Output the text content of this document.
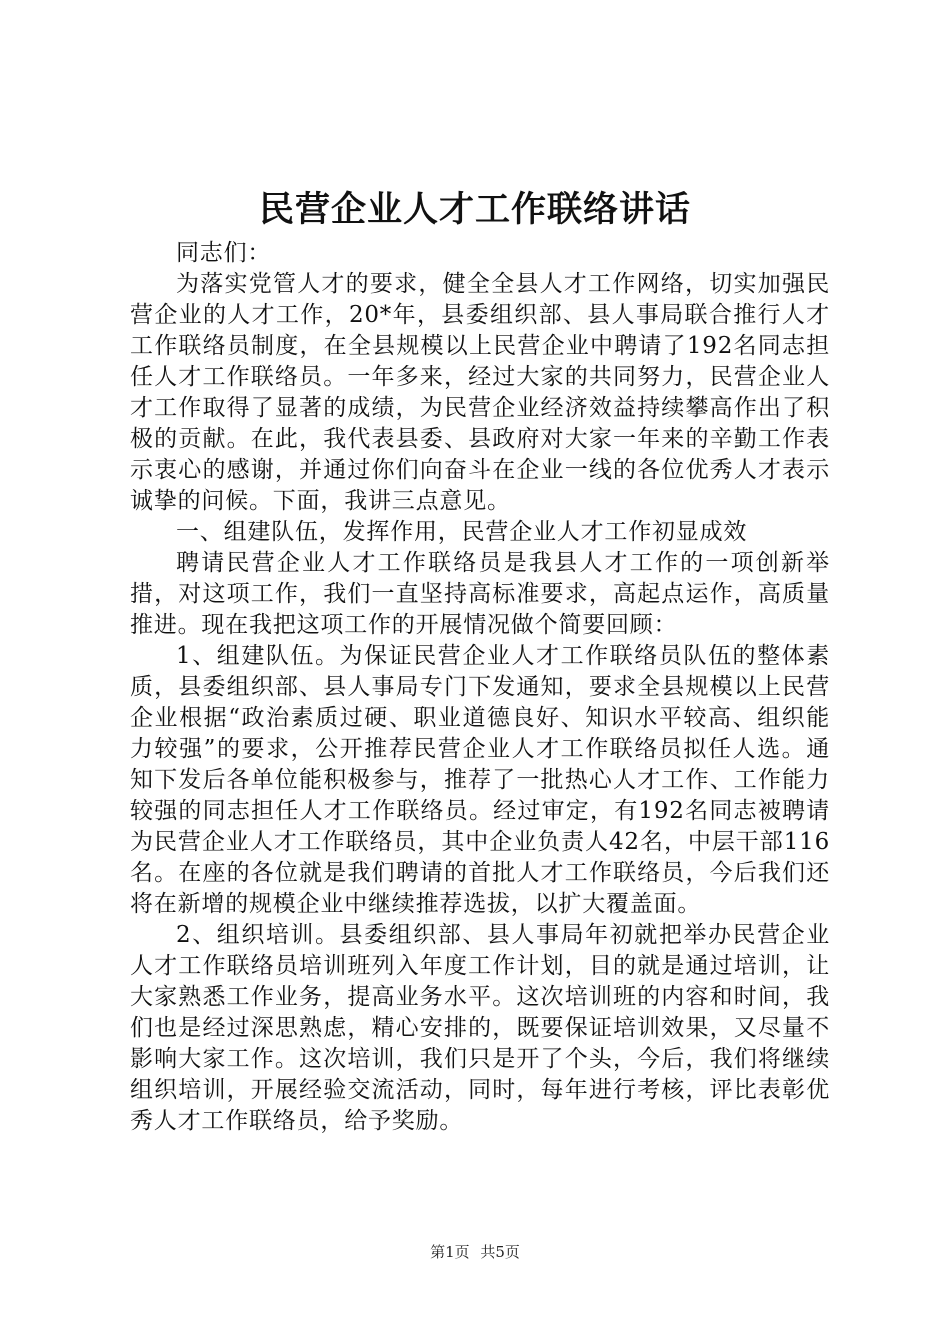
民营企业人才工作联络讲话

同志们：

为落实党管人才的要求，健全全县人才工作网络，切实加强民营企业的人才工作，20*年，县委组织部、县人事局联合推行人才工作联络员制度，在全县规模以上民营企业中聘请了192名同志担任人才工作联络员。一年多来，经过大家的共同努力，民营企业人才工作取得了显著的成绩，为民营企业经济效益持续攀高作出了积极的贡献。在此，我代表县委、县政府对大家一年来的辛勤工作表示衷心的感谢，并通过你们向奋斗在企业一线的各位优秀人才表示诚挚的问候。下面，我讲三点意见。

一、组建队伍，发挥作用，民营企业人才工作初显成效

聘请民营企业人才工作联络员是我县人才工作的一项创新举措，对这项工作，我们一直坚持高标准要求，高起点运作，高质量推进。现在我把这项工作的开展情况做个简要回顾：

1、组建队伍。为保证民营企业人才工作联络员队伍的整体素质，县委组织部、县人事局专门下发通知，要求全县规模以上民营企业根据“政治素质过硬、职业道德良好、知识水平较高、组织能力较强”的要求，公开推荐民营企业人才工作联络员拟任人选。通知下发后各单位能积极参与，推荐了一批热心人才工作、工作能力较强的同志担任人才工作联络员。经过审定，有192名同志被聘请为民营企业人才工作联络员，其中企业负责人42名，中层干部116名。在座的各位就是我们聘请的首批人才工作联络员，今后我们还将在新增的规模企业中继续推荐选拔，以扩大覆盖面。

2、组织培训。县委组织部、县人事局年初就把举办民营企业人才工作联络员培训班列入年度工作计划，目的就是通过培训，让大家熟悉工作业务，提高业务水平。这次培训班的内容和时间，我们也是经过深思熟虑，精心安排的，既要保证培训效果，又尽量不影响大家工作。这次培训，我们只是开了个头，今后，我们将继续组织培训，开展经验交流活动，同时，每年进行考核，评比表彰优秀人才工作联络员，给予奖励。

第1页 共5页
